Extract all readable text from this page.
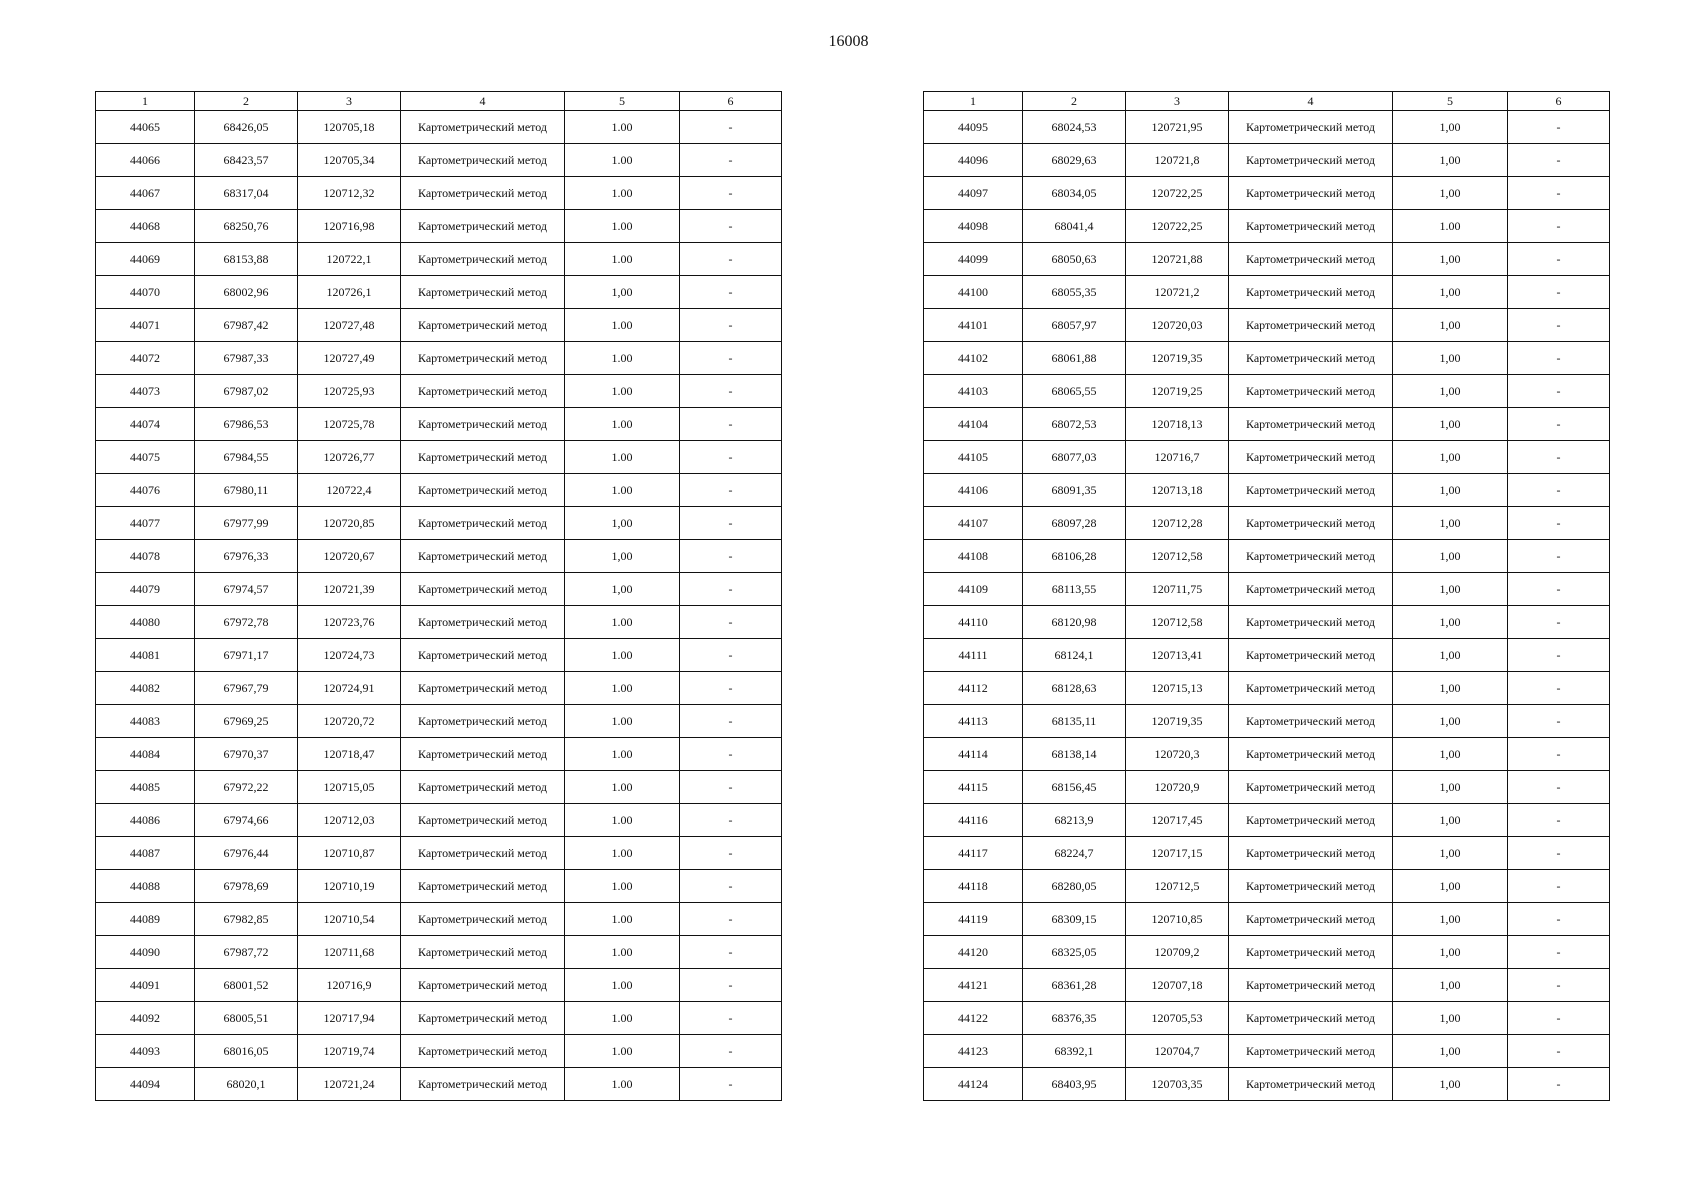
16008
1	2	3	4	5	6
44065	68426,05	120705,18	Картометрический метод	1.00	-
44066	68423,57	120705,34	Картометрический метод	1.00	-
44067	68317,04	120712,32	Картометрический метод	1.00	-
44068	68250,76	120716,98	Картометрический метод	1.00	-
44069	68153,88	120722,1	Картометрический метод	1.00	-
44070	68002,96	120726,1	Картометрический метод	1,00	-
44071	67987,42	120727,48	Картометрический метод	1.00	-
44072	67987,33	120727,49	Картометрический метод	1.00	-
44073	67987,02	120725,93	Картометрический метод	1.00	-
44074	67986,53	120725,78	Картометрический метод	1.00	-
44075	67984,55	120726,77	Картометрический метод	1.00	-
44076	67980,11	120722,4	Картометрический метод	1.00	-
44077	67977,99	120720,85	Картометрический метод	1,00	-
44078	67976,33	120720,67	Картометрический метод	1,00	-
44079	67974,57	120721,39	Картометрический метод	1,00	-
44080	67972,78	120723,76	Картометрический метод	1.00	-
44081	67971,17	120724,73	Картометрический метод	1.00	-
44082	67967,79	120724,91	Картометрический метод	1.00	-
44083	67969,25	120720,72	Картометрический метод	1.00	-
44084	67970,37	120718,47	Картометрический метод	1.00	-
44085	67972,22	120715,05	Картометрический метод	1.00	-
44086	67974,66	120712,03	Картометрический метод	1.00	-
44087	67976,44	120710,87	Картометрический метод	1.00	-
44088	67978,69	120710,19	Картометрический метод	1.00	-
44089	67982,85	120710,54	Картометрический метод	1.00	-
44090	67987,72	120711,68	Картометрический метод	1.00	-
44091	68001,52	120716,9	Картометрический метод	1.00	-
44092	68005,51	120717,94	Картометрический метод	1.00	-
44093	68016,05	120719,74	Картометрический метод	1.00	-
44094	68020,1	120721,24	Картометрический метод	1.00	-
1	2	3	4	5	6
44095	68024,53	120721,95	Картометрический метод	1,00	-
44096	68029,63	120721,8	Картометрический метод	1,00	-
44097	68034,05	120722,25	Картометрический метод	1,00	-
44098	68041,4	120722,25	Картометрический метод	1.00	-
44099	68050,63	120721,88	Картометрический метод	1,00	-
44100	68055,35	120721,2	Картометрический метод	1,00	-
44101	68057,97	120720,03	Картометрический метод	1,00	-
44102	68061,88	120719,35	Картометрический метод	1,00	-
44103	68065,55	120719,25	Картометрический метод	1,00	-
44104	68072,53	120718,13	Картометрический метод	1,00	-
44105	68077,03	120716,7	Картометрический метод	1,00	-
44106	68091,35	120713,18	Картометрический метод	1,00	-
44107	68097,28	120712,28	Картометрический метод	1,00	-
44108	68106,28	120712,58	Картометрический метод	1,00	-
44109	68113,55	120711,75	Картометрический метод	1,00	-
44110	68120,98	120712,58	Картометрический метод	1,00	-
44111	68124,1	120713,41	Картометрический метод	1,00	-
44112	68128,63	120715,13	Картометрический метод	1,00	-
44113	68135,11	120719,35	Картометрический метод	1,00	-
44114	68138,14	120720,3	Картометрический метод	1,00	-
44115	68156,45	120720,9	Картометрический метод	1,00	-
44116	68213,9	120717,45	Картометрический метод	1,00	-
44117	68224,7	120717,15	Картометрический метод	1,00	-
44118	68280,05	120712,5	Картометрический метод	1,00	-
44119	68309,15	120710,85	Картометрический метод	1,00	-
44120	68325,05	120709,2	Картометрический метод	1,00	-
44121	68361,28	120707,18	Картометрический метод	1,00	-
44122	68376,35	120705,53	Картометрический метод	1,00	-
44123	68392,1	120704,7	Картометрический метод	1,00	-
44124	68403,95	120703,35	Картометрический метод	1,00	-
